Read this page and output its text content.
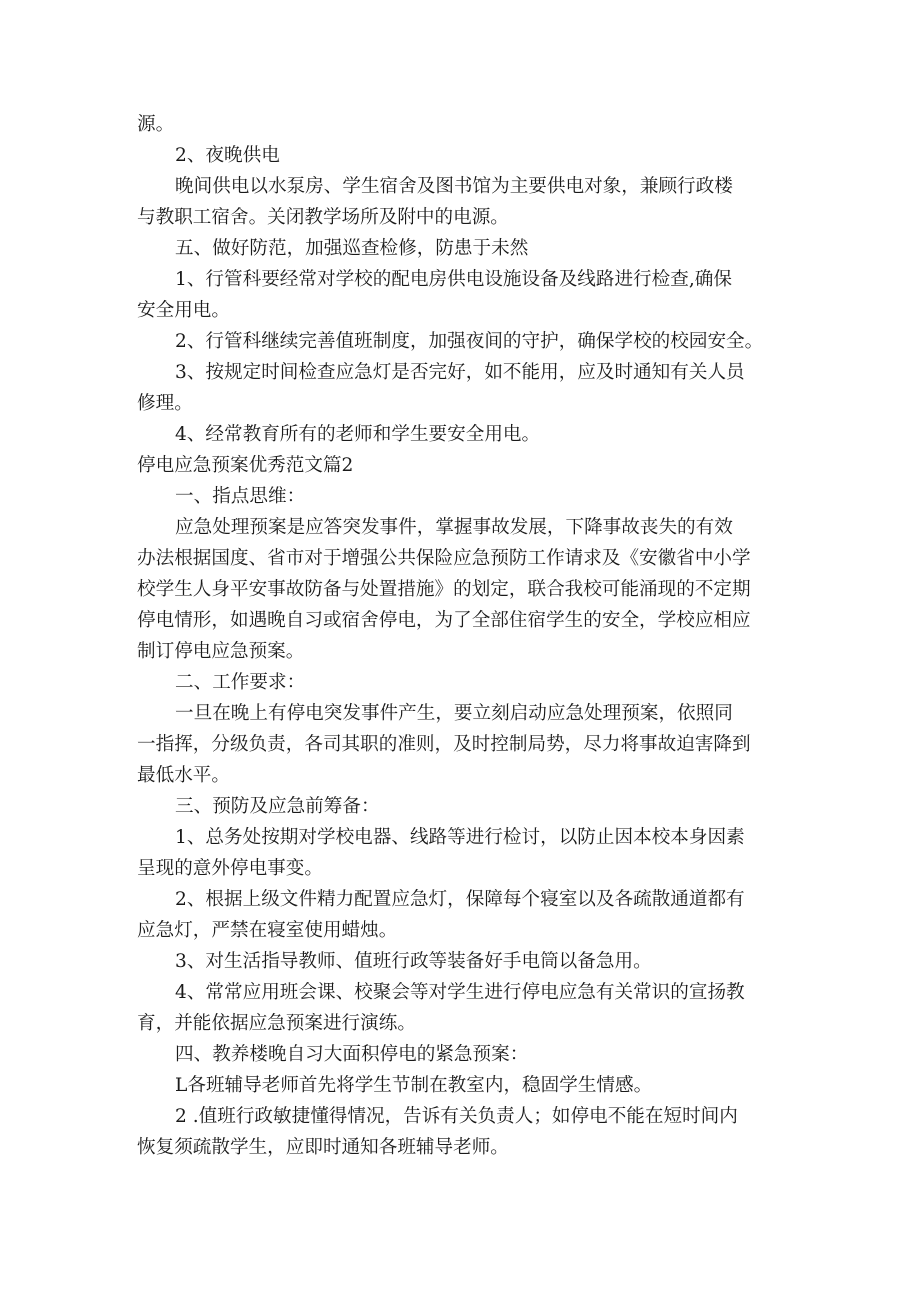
源。

2、夜晚供电

晚间供电以水泵房、学生宿舍及图书馆为主要供电对象，兼顾行政楼

与教职工宿舍。关闭教学场所及附中的电源。

五、做好防范，加强巡查检修，防患于未然

1、行管科要经常对学校的配电房供电设施设备及线路进行检查,确保

安全用电。

2、行管科继续完善值班制度，加强夜间的守护，确保学校的校园安全。

3、按规定时间检查应急灯是否完好，如不能用，应及时通知有关人员

修理。

4、经常教育所有的老师和学生要安全用电。

停电应急预案优秀范文篇2

一、指点思维：

应急处理预案是应答突发事件，掌握事故发展，下降事故丧失的有效

办法根据国度、省市对于增强公共保险应急预防工作请求及《安徽省中小学

校学生人身平安事故防备与处置措施》的划定，联合我校可能涌现的不定期

停电情形，如遇晚自习或宿舍停电，为了全部住宿学生的安全，学校应相应

制订停电应急预案。

二、工作要求：

一旦在晚上有停电突发事件产生，要立刻启动应急处理预案，依照同

一指挥，分级负责，各司其职的准则，及时控制局势，尽力将事故迫害降到

最低水平。

三、预防及应急前筹备：

1、总务处按期对学校电器、线路等进行检讨，以防止因本校本身因素

呈现的意外停电事变。

2、根据上级文件精力配置应急灯，保障每个寝室以及各疏散通道都有

应急灯，严禁在寝室使用蜡烛。

3、对生活指导教师、值班行政等装备好手电筒以备急用。

4、常常应用班会课、校聚会等对学生进行停电应急有关常识的宣扬教

育，并能依据应急预案进行演练。

四、教养楼晚自习大面积停电的紧急预案：

L各班辅导老师首先将学生节制在教室内，稳固学生情感。

2 .值班行政敏捷懂得情况，告诉有关负责人；如停电不能在短时间内

恢复须疏散学生，应即时通知各班辅导老师。
